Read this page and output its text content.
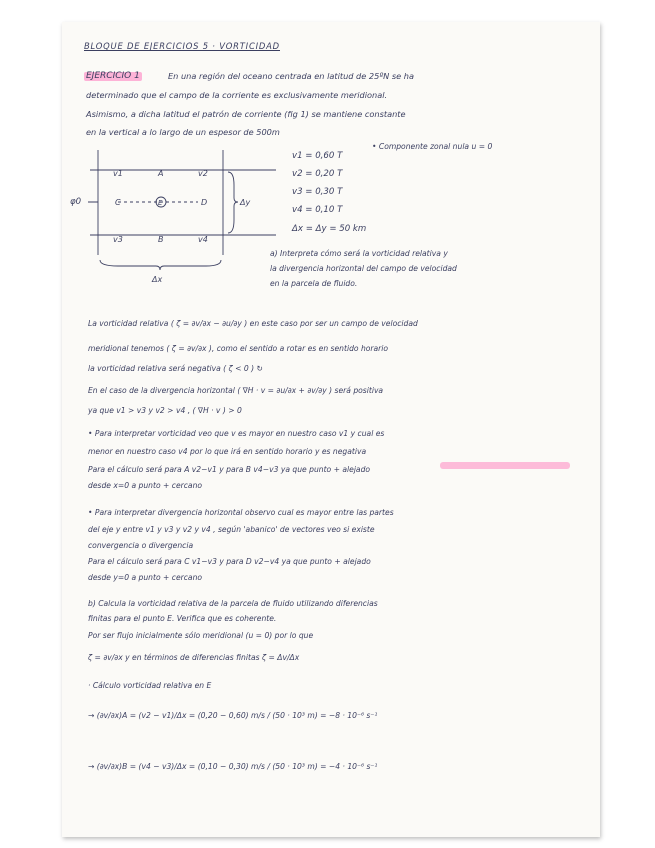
BLOQUE DE EJERCICIOS 5 · VORTICIDAD
EJERCICIO 1	En una región del oceano centrada en latitud de 25ºN se ha
determinado que el campo de la corriente es exclusivamente meridional.
Asimismo, a dicha latitud el patrón de corriente (fig 1) se mantiene constante
en la vertical a lo largo de un espesor de 500m
v1	v2
v3	v4
A
B
C	D
E	Δy
Δx
φ0
v1 = 0,60 T
v2 = 0,20 T
v3 = 0,30 T
v4 = 0,10 T
Δx = Δy = 50 km
• Componente zonal nula u = 0
a) Interpreta cómo será la vorticidad relativa y
la divergencia horizontal del campo de velocidad
en la parcela de fluido.
La vorticidad relativa ( ζ = ∂v/∂x − ∂u/∂y ) en este caso por ser un campo de velocidad
meridional tenemos ( ζ = ∂v/∂x ), como el sentido a rotar es en sentido horario
la vorticidad relativa será negativa ( ζ < 0 ) ↻
En el caso de la divergencia horizontal ( ∇H · v = ∂u/∂x + ∂v/∂y ) será positiva
ya que v1 > v3 y v2 > v4 , ( ∇H · v ) > 0
• Para interpretar vorticidad veo que v es mayor en nuestro caso v1 y cual es
menor en nuestro caso v4 por lo que irá en sentido horario y es negativa
Para el cálculo será para A v2−v1 y para B v4−v3 ya que punto + alejado
desde x=0 a punto + cercano
• Para interpretar divergencia horizontal observo cual es mayor entre las partes
del eje y entre v1 y v3 y v2 y v4 , según 'abanico' de vectores veo si existe
convergencia o divergencia
Para el cálculo será para C v1−v3 y para D v2−v4 ya que punto + alejado
desde y=0 a punto + cercano
b) Calcula la vorticidad relativa de la parcela de fluido utilizando diferencias
finitas para el punto E. Verifica que es coherente.
Por ser flujo inicialmente sólo meridional (u = 0) por lo que
ζ = ∂v/∂x y en términos de diferencias finitas ζ = Δv/Δx
· Cálculo vorticidad relativa en E
→ (∂v/∂x)A = (v2 − v1)/Δx = (0,20 − 0,60) m/s / (50 · 10³ m) = −8 · 10⁻⁶ s⁻¹
→ (∂v/∂x)B = (v4 − v3)/Δx = (0,10 − 0,30) m/s / (50 · 10³ m) = −4 · 10⁻⁶ s⁻¹
